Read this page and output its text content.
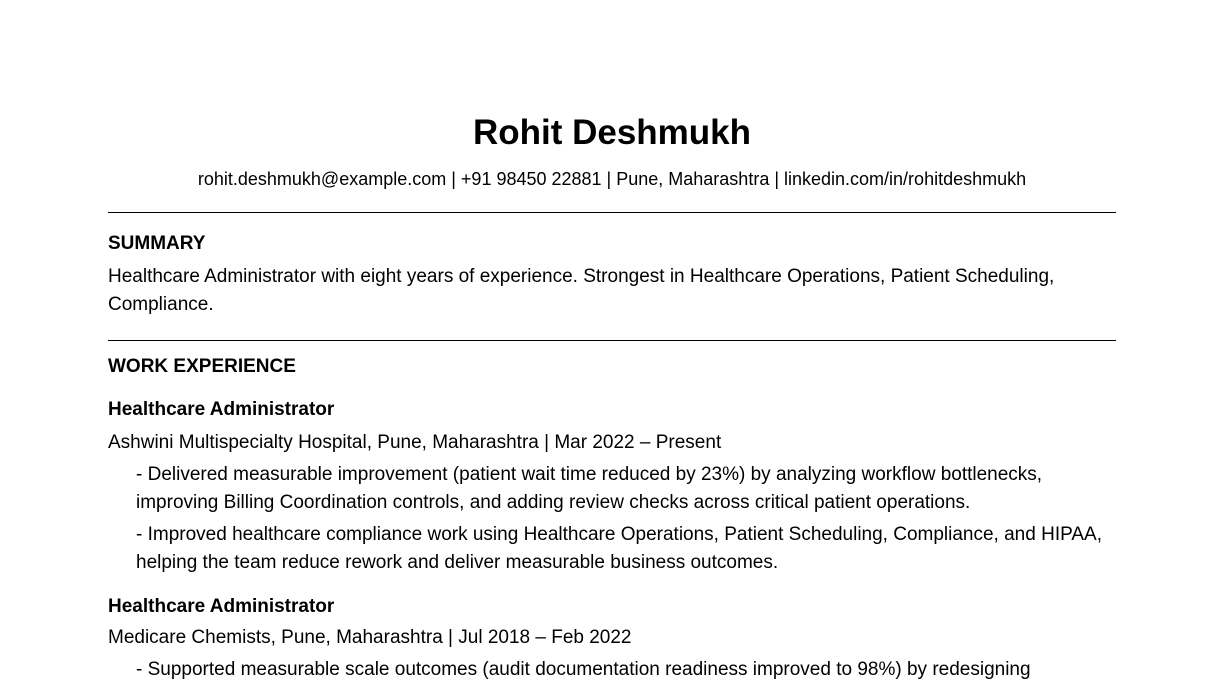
Rohit Deshmukh

rohit.deshmukh@example.com | +91 98450 22881 | Pune, Maharashtra | linkedin.com/in/rohitdeshmukh

SUMMARY

Healthcare Administrator with eight years of experience. Strongest in Healthcare Operations, Patient Scheduling, Compliance.

WORK EXPERIENCE
Healthcare Administrator

Ashwini Multispecialty Hospital, Pune, Maharashtra | Mar 2022 – Present

- Delivered measurable improvement (patient wait time reduced by 23%) by analyzing workflow bottlenecks, improving Billing Coordination controls, and adding review checks across critical patient operations.

- Improved healthcare compliance work using Healthcare Operations, Patient Scheduling, Compliance, and HIPAA, helping the team reduce rework and deliver measurable business outcomes.

Healthcare Administrator

Medicare Chemists, Pune, Maharashtra | Jul 2018 – Feb 2022

- Supported measurable scale outcomes (audit documentation readiness improved to 98%) by redesigning
